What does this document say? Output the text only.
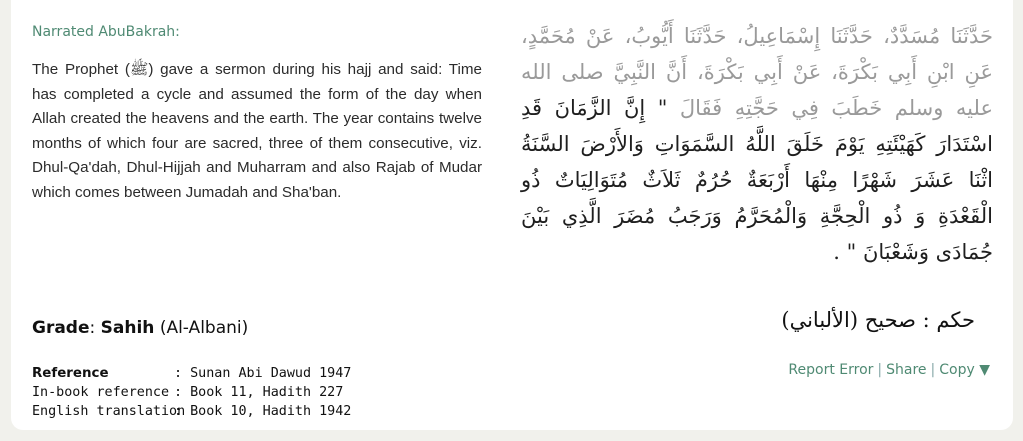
Narrated AbuBakrah:
The Prophet (ﷺ) gave a sermon during his hajj and said: Time has completed a cycle and assumed the form of the day when Allah created the heavens and the earth. The year contains twelve months of which four are sacred, three of them consecutive, viz. Dhul-Qa'dah, Dhul-Hijjah and Muharram and also Rajab of Mudar which comes between Jumadah and Sha'ban.
حَدَّثَنَا مُسَدَّدٌ، حَدَّثَنَا إِسْمَاعِيلُ، حَدَّثَنَا أَيُّوبُ، عَنْ مُحَمَّدٍ، عَنِ ابْنِ أَبِي بَكْرَةَ، عَنْ أَبِي بَكْرَةَ، أَنَّ النَّبِيَّ صلى الله عليه وسلم خَطَبَ فِي حَجَّتِهِ فَقَالَ " إِنَّ الزَّمَانَ قَدِ اسْتَدَارَ كَهَيْئَتِهِ يَوْمَ خَلَقَ اللَّهُ السَّمَوَاتِ وَالأَرْضَ السَّنَةُ اثْنَا عَشَرَ شَهْرًا مِنْهَا أَرْبَعَةٌ حُرُمٌ ثَلاَثٌ مُتَوَالِيَاتٌ ذُو الْقَعْدَةِ وَ ذُو الْحِجَّةِ وَالْمُحَرَّمُ وَرَجَبُ مُضَرَ الَّذِي بَيْنَ جُمَادَى وَشَعْبَانَ " .
Grade: Sahih (Al-Albani)	حكم : صحيح (الألباني)
Reference	: Sunan Abi Dawud 1947
In-book reference : Book 11, Hadith 227
English translation
: Book 10, Hadith 1942
Report Error | Share | Copy ▼
